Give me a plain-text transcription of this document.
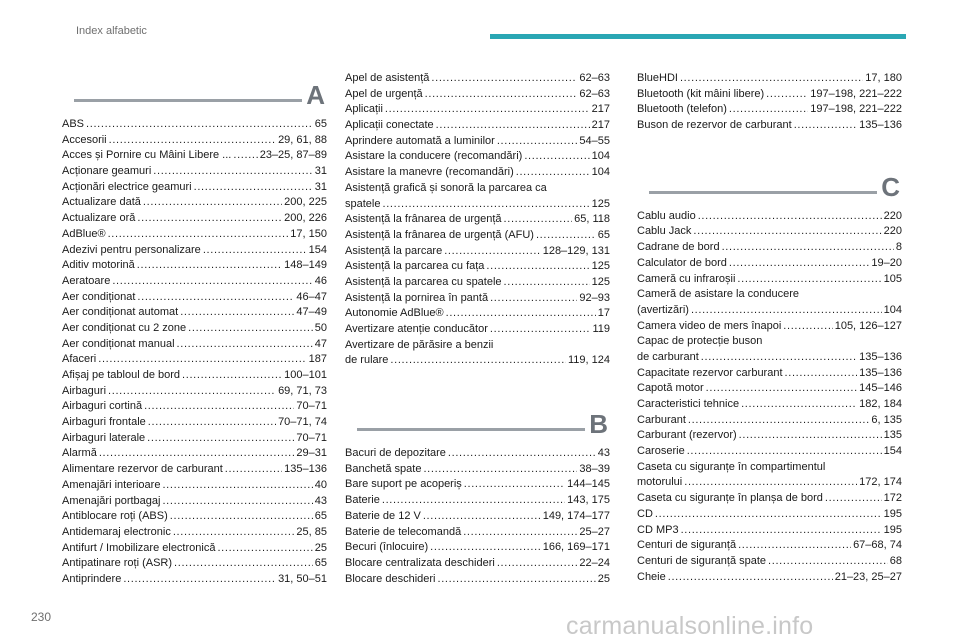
Index alfabetic
A
ABS . . .	65
Accesorii . . .	29, 61, 88
Acces și Pornire cu Mâini Libere ... . . .	23–25, 87–89
Acționare geamuri . . .	31
Acționări electrice geamuri . . .	31
Actualizare dată . . .	200, 225
Actualizare oră . . .	200, 226
AdBlue® . . .	17, 150
Adezivi pentru personalizare . . .	154
Aditiv motorină . . .	148–149
Aeratoare . . .	46
Aer condiționat . . .	46–47
Aer condiționat automat . . .	47–49
Aer condiționat cu 2 zone . . .	50
Aer condiționat manual . . .	47
Afaceri . . .	187
Afișaj pe tabloul de bord . . .	100–101
Airbaguri . . .	69, 71, 73
Airbaguri cortină . . .	70–71
Airbaguri frontale . . .	70–71, 74
Airbaguri laterale . . .	70–71
Alarmă . . .	29–31
Alimentare rezervor de carburant . . .	135–136
Amenajări interioare . . .	40
Amenajări portbagaj . . .	43
Antiblocare roți (ABS) . . .	65
Antidemaraj electronic . . .	25, 85
Antifurt / Imobilizare electronică . . .	25
Antipatinare roți (ASR) . . .	65
Antiprindere . . .	31, 50–51
Apel de asistență . . .	62–63
Apel de urgență . . .	62–63
Aplicații . . .	217
Aplicații conectate . . .	217
Aprindere automată a luminilor . . .	54–55
Asistare la conducere (recomandări) . . .	104
Asistare la manevre (recomandări) . . .	104
Asistență grafică și sonoră la parcarea ca
spatele . . .	125
Asistență la frânarea de urgență . . .	65, 118
Asistență la frânarea de urgență (AFU) . . .	65
Asistență la parcare . . .	128–129, 131
Asistență la parcarea cu fața . . .	125
Asistență la parcarea cu spatele . . .	125
Asistență la pornirea în pantă . . .	92–93
Autonomie AdBlue® . . .	17
Avertizare atenție conducător . . .	119
Avertizare de părăsire a benzii
de rulare . . .	119, 124
B
Bacuri de depozitare . . .	43
Banchetă spate . . .	38–39
Bare suport pe acoperiș . . .	144–145
Baterie . . .	143, 175
Baterie de 12 V . . .	149, 174–177
Baterie de telecomandă . . .	25–27
Becuri (înlocuire) . . .	166, 169–171
Blocare centralizata deschideri . . .	22–24
Blocare deschideri . . .	25
BlueHDI . . .	17, 180
Bluetooth (kit mâini libere) . . .	197–198, 221–222
Bluetooth (telefon) . . .	197–198, 221–222
Buson de rezervor de carburant . . .	135–136
C
Cablu audio . . .	220
Cablu Jack . . .	220
Cadrane de bord . . .	8
Calculator de bord . . .	19–20
Cameră cu infraroșii . . .	105
Cameră de asistare la conducere
(avertizări) . . .	104
Camera video de mers înapoi . . .	105, 126–127
Capac de protecție buson
de carburant . . .	135–136
Capacitate rezervor carburant . . .	135–136
Capotă motor . . .	145–146
Caracteristici tehnice . . .	182, 184
Carburant . . .	6, 135
Carburant (rezervor) . . .	135
Caroserie . . .	154
Caseta cu siguranțe în compartimentul
motorului . . .	172, 174
Caseta cu siguranțe în planșa de bord . . .	172
CD . . .	195
CD MP3 . . .	195
Centuri de siguranță . . .	67–68, 74
Centuri de siguranță spate . . .	68
Cheie . . .	21–23, 25–27
230	carmanualsonline.info
